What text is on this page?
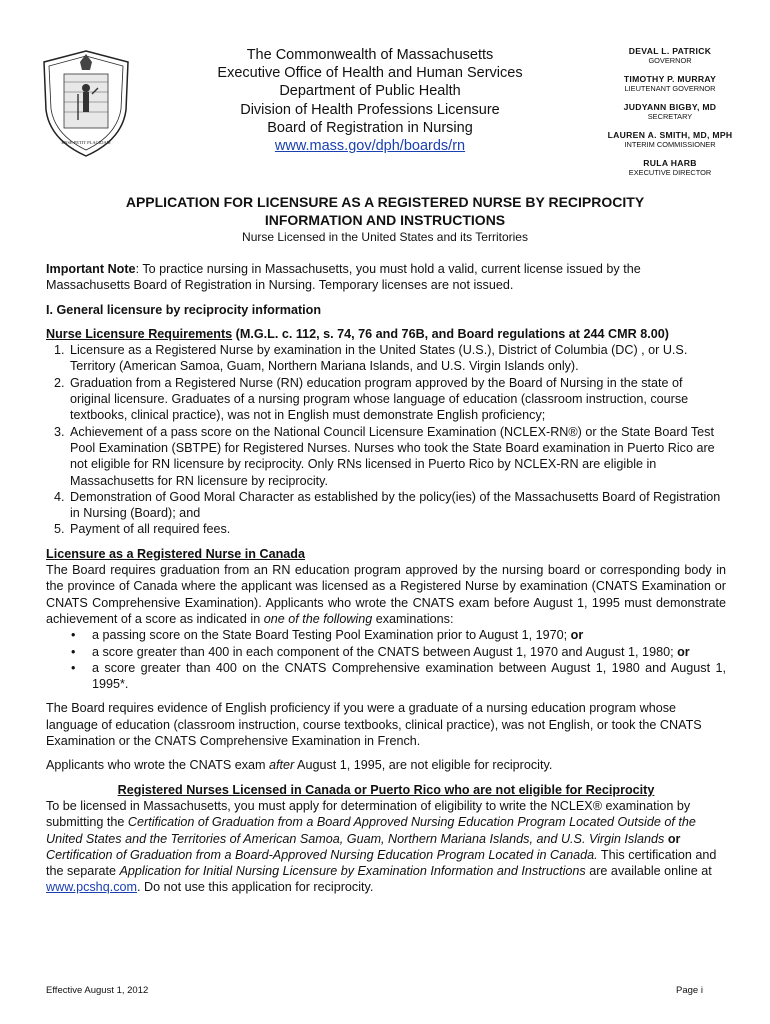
ENSE PETIT PLACIDAM
The Commonwealth of Massachusetts
Executive Office of Health and Human Services
Department of Public Health
Division of Health Professions Licensure
Board of Registration in Nursing
www.mass.gov/dph/boards/rn
DEVAL L. PATRICK
GOVERNOR
TIMOTHY P. MURRAY
LIEUTENANT GOVERNOR
JUDYANN BIGBY, MD
SECRETARY
LAUREN A. SMITH, MD, MPH
INTERIM COMMISSIONER
RULA HARB
EXECUTIVE DIRECTOR
APPLICATION FOR LICENSURE AS A REGISTERED NURSE BY RECIPROCITY
INFORMATION AND INSTRUCTIONS
Nurse Licensed in the United States and its Territories

Important Note: To practice nursing in Massachusetts, you must hold a valid, current license issued by the Massachusetts Board of Registration in Nursing. Temporary licenses are not issued.

I. General licensure by reciprocity information

Nurse Licensure Requirements (M.G.L. c. 112, s. 74, 76 and 76B, and Board regulations at 244 CMR 8.00)

1. Licensure as a Registered Nurse by examination in the United States (U.S.), District of Columbia (DC) , or U.S. Territory (American Samoa, Guam, Northern Mariana Islands, and U.S. Virgin Islands only).
2. Graduation from a Registered Nurse (RN) education program approved by the Board of Nursing in the state of original licensure. Graduates of a nursing program whose language of education (classroom instruction, course textbooks, clinical practice), was not in English must demonstrate English proficiency;
3. Achievement of a pass score on the National Council Licensure Examination (NCLEX-RN®) or the State Board Test Pool Examination (SBTPE) for Registered Nurses. Nurses who took the State Board examination in Puerto Rico are not eligible for RN licensure by reciprocity. Only RNs licensed in Puerto Rico by NCLEX-RN are eligible in Massachusetts for RN licensure by reciprocity.
4. Demonstration of Good Moral Character as established by the policy(ies) of the Massachusetts Board of Registration in Nursing (Board); and
5. Payment of all required fees.

Licensure as a Registered Nurse in Canada

The Board requires graduation from an RN education program approved by the nursing board or corresponding body in the province of Canada where the applicant was licensed as a Registered Nurse by examination (CNATS Examination or CNATS Comprehensive Examination). Applicants who wrote the CNATS exam before August 1, 1995 must demonstrate achievement of a score as indicated in one of the following examinations:

• a passing score on the State Board Testing Pool Examination prior to August 1, 1970; or
• a score greater than 400 in each component of the CNATS between August 1, 1970 and August 1, 1980; or
• a score greater than 400 on the CNATS Comprehensive examination between August 1, 1980 and August 1, 1995*.

The Board requires evidence of English proficiency if you were a graduate of a nursing education program whose language of education (classroom instruction, course textbooks, clinical practice), was not English, or took the CNATS Examination or the CNATS Comprehensive Examination in French.

Applicants who wrote the CNATS exam after August 1, 1995, are not eligible for reciprocity.

Registered Nurses Licensed in Canada or Puerto Rico who are not eligible for Reciprocity

To be licensed in Massachusetts, you must apply for determination of eligibility to write the NCLEX® examination by submitting the Certification of Graduation from a Board Approved Nursing Education Program Located Outside of the United States and the Territories of American Samoa, Guam, Northern Mariana Islands, and U.S. Virgin Islands or Certification of Graduation from a Board-Approved Nursing Education Program Located in Canada. This certification and the separate Application for Initial Nursing Licensure by Examination Information and Instructions are available online at www.pcshq.com. Do not use this application for reciprocity.

Effective August 1, 2012	Page i
